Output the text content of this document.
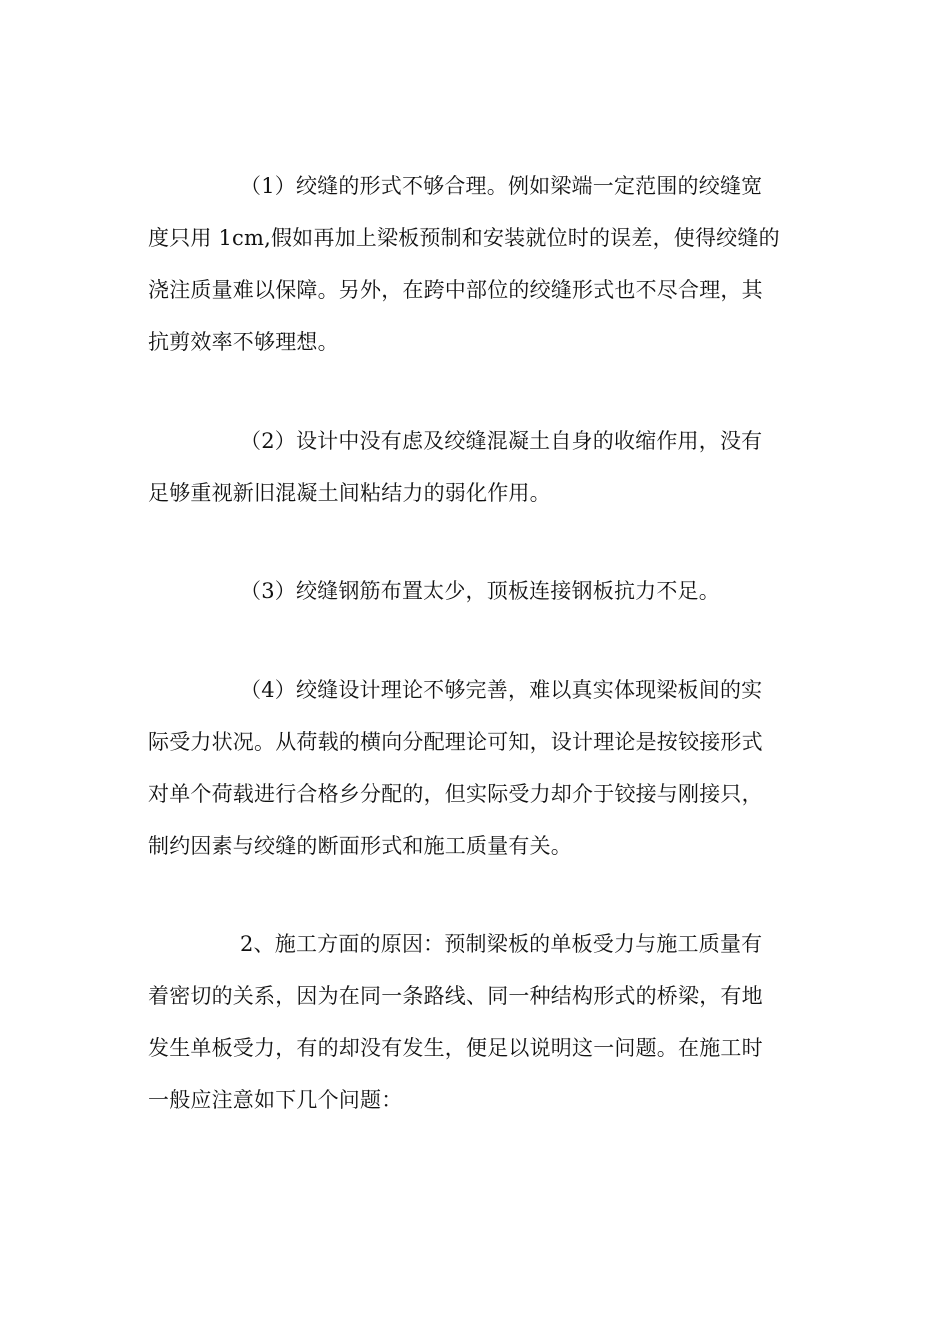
（1）绞缝的形式不够合理。例如梁端一定范围的绞缝宽
度只用 1cm,假如再加上梁板预制和安装就位时的误差，使得绞缝的
浇注质量难以保障。另外，在跨中部位的绞缝形式也不尽合理，其
抗剪效率不够理想。
（2）设计中没有虑及绞缝混凝土自身的收缩作用，没有
足够重视新旧混凝土间粘结力的弱化作用。
（3）绞缝钢筋布置太少，顶板连接钢板抗力不足。
（4）绞缝设计理论不够完善，难以真实体现梁板间的实
际受力状况。从荷载的横向分配理论可知，设计理论是按铰接形式
对单个荷载进行合格乡分配的，但实际受力却介于铰接与刚接只，
制约因素与绞缝的断面形式和施工质量有关。
2、施工方面的原因：预制梁板的单板受力与施工质量有
着密切的关系，因为在同一条路线、同一种结构形式的桥梁，有地
发生单板受力，有的却没有发生，便足以说明这一问题。在施工时
一般应注意如下几个问题：
